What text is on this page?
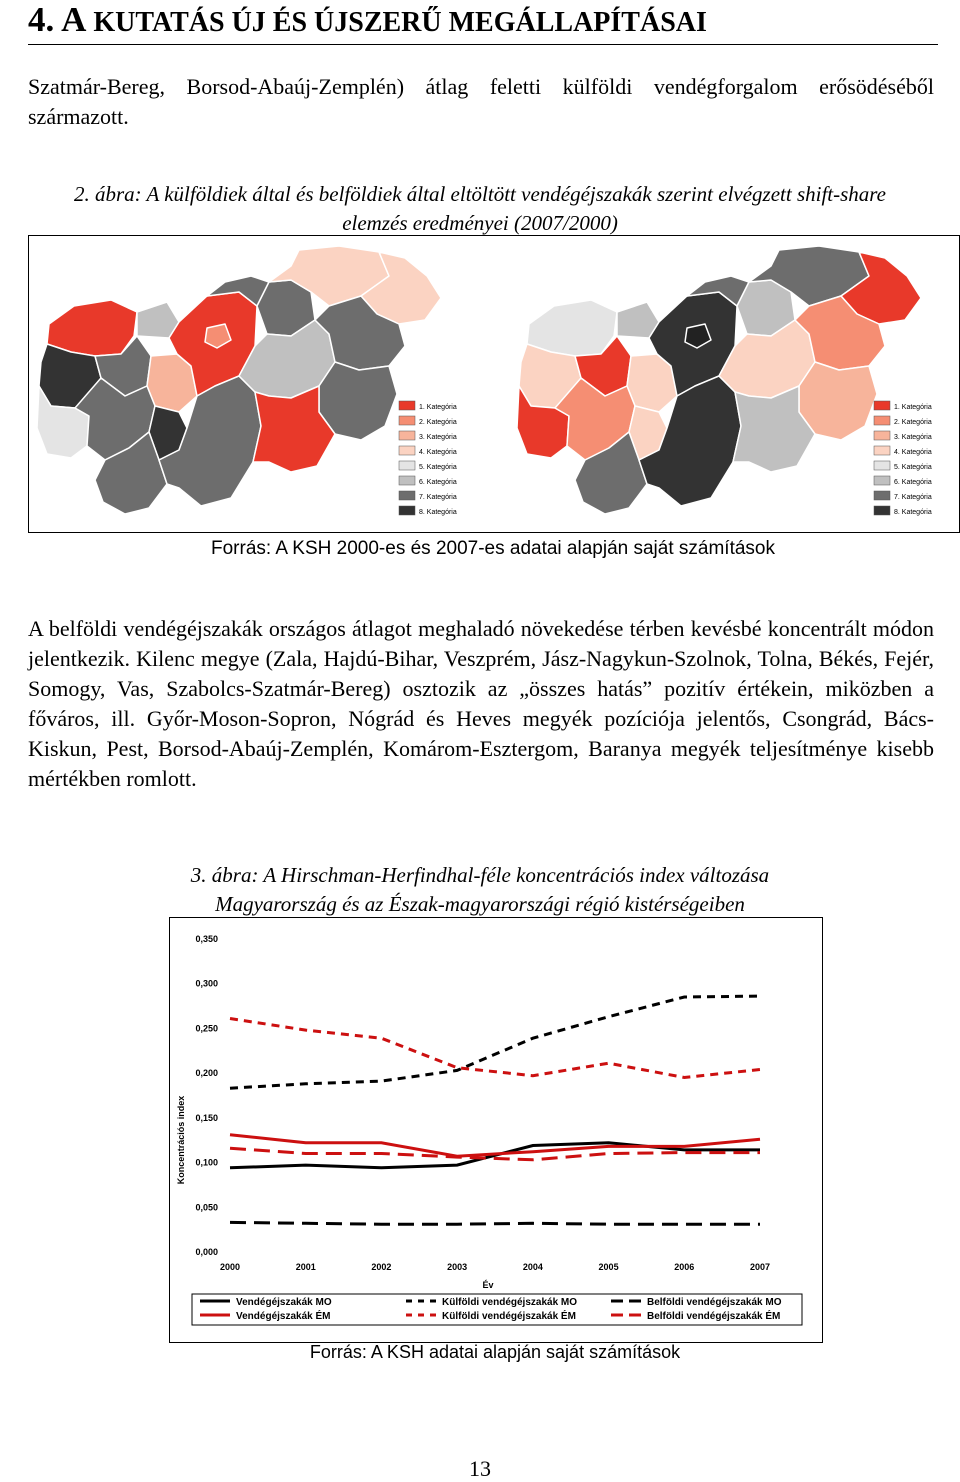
4. A KUTATÁS ÚJ ÉS ÚJSZERŰ MEGÁLLAPÍTÁSAI
Szatmár-Bereg, Borsod-Abaúj-Zemplén) átlag feletti külföldi vendégforgalom erősödéséből származott.
2. ábra: A külföldiek által és belföldiek által eltöltött vendégéjszakák szerint elvégzett shift-share elemzés eredményei (2007/2000)
1. Kategória
2. Kategória
3. Kategória
4. Kategória
5. Kategória
6. Kategória
7. Kategória
8. Kategória
1. Kategória
2. Kategória
3. Kategória
4. Kategória
5. Kategória
6. Kategória
7. Kategória
8. Kategória
Forrás: A KSH 2000-es és 2007-es adatai alapján saját számítások
A belföldi vendégéjszakák országos átlagot meghaladó növekedése térben kevésbé koncentrált módon jelentkezik. Kilenc megye (Zala, Hajdú-Bihar, Veszprém, Jász-Nagykun-Szolnok, Tolna, Békés, Fejér, Somogy, Vas, Szabolcs-Szatmár-Bereg) osztozik az „összes hatás” pozitív értékein, miközben a főváros, ill. Győr-Moson-Sopron, Nógrád és Heves megyék pozíciója jelentős, Csongrád, Bács-Kiskun, Pest, Borsod-Abaúj-Zemplén, Komárom-Esztergom, Baranya megyék teljesítménye kisebb mértékben romlott.
3. ábra: A Hirschman-Herfindhal-féle koncentrációs index változása
Magyarország és az Észak-magyarországi régió kistérségeiben
0,000
0,050
0,100
0,150
0,200
0,250
0,300
0,350
Koncentrációs index
2000	2001	2002	2003	2004	2005	2006	2007
Év
Vendégéjszakák MO
Vendégéjszakák ÉM
Külföldi vendégéjszakák MO
Külföldi vendégéjszakák ÉM
Belföldi vendégéjszakák MO
Belföldi vendégéjszakák ÉM
Forrás: A KSH adatai alapján saját számítások
13
